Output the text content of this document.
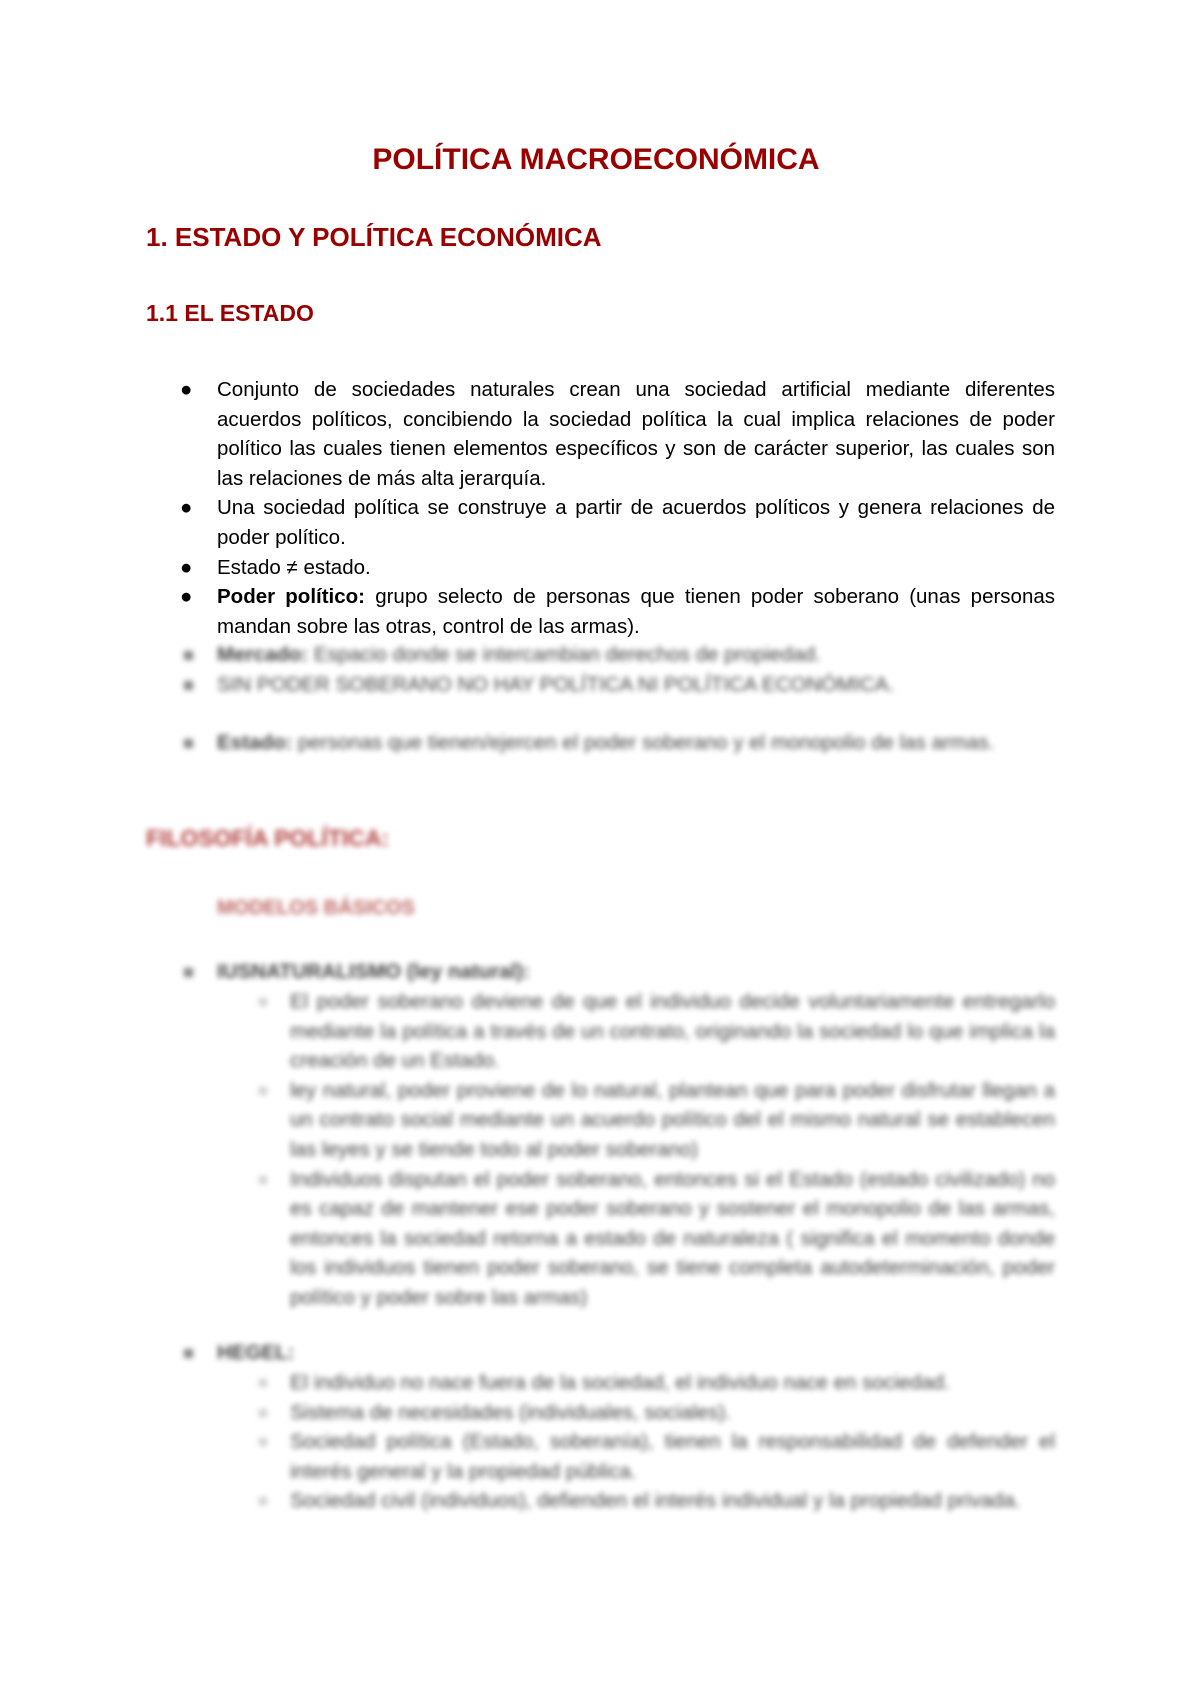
POLÍTICA MACROECONÓMICA
1. ESTADO Y POLÍTICA ECONÓMICA
1.1 EL ESTADO
● Conjunto de sociedades naturales crean una sociedad artificial mediante diferentes acuerdos políticos, concibiendo la sociedad política la cual implica relaciones de poder político las cuales tienen elementos específicos y son de carácter superior, las cuales son las relaciones de más alta jerarquía.
● Una sociedad política se construye a partir de acuerdos políticos y genera relaciones de poder político.
● Estado ≠ estado.
● Poder político: grupo selecto de personas que tienen poder soberano (unas personas mandan sobre las otras, control de las armas).
Mercado: Espacio donde se intercambian derechos de propiedad.
SIN PODER SOBERANO NO HAY POLÍTICA NI POLÍTICA ECONÓMICA.
Estado: personas que tienen/ejercen el poder soberano y el monopolio de las armas.
FILOSOFÍA POLÍTICA:
MODELOS BÁSICOS
IUSNATURALISMO (ley natural):
El poder soberano deviene de que el individuo decide voluntariamente entregarlo mediante la política a través de un contrato, originando la sociedad lo que implica la creación de un Estado.
ley natural, poder proviene de lo natural, plantean que para poder disfrutar llegan a un contrato social mediante un acuerdo político del el mismo natural se establecen las leyes y se tiende todo al poder soberano)
Individuos disputan el poder soberano, entonces si el Estado (estado civilizado) no es capaz de mantener ese poder soberano y sostener el monopolio de las armas, entonces la sociedad retorna a estado de naturaleza ( significa el momento donde los individuos tienen poder soberano, se tiene completa autodeterminación, poder político y poder sobre las armas)
HEGEL:
El individuo no nace fuera de la sociedad, el individuo nace en sociedad.
Sistema de necesidades (individuales, sociales).
Sociedad política (Estado, soberanía), tienen la responsabilidad de defender el interés general y la propiedad pública.
Sociedad civil (individuos), defienden el interés individual y la propiedad privada.
